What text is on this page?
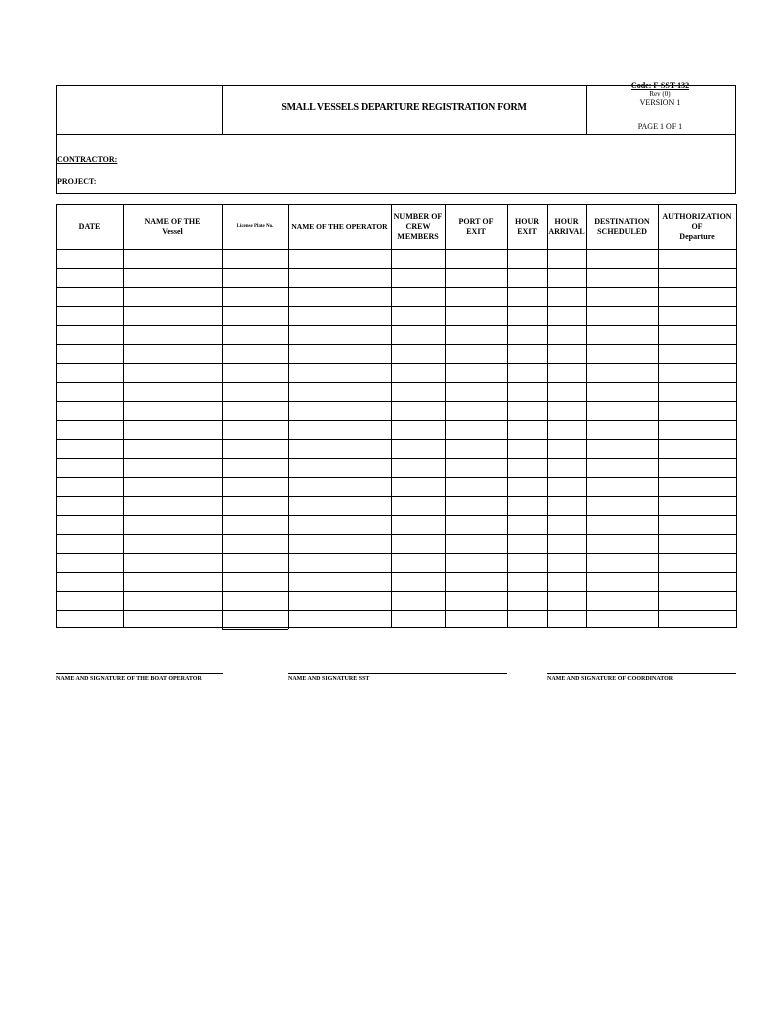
Code: F-SST-132
Rev (0)
VERSION 1
SMALL VESSELS DEPARTURE REGISTRATION FORM
PAGE 1 OF 1
CONTRACTOR:
PROJECT:
DATE
NAME OF THE
Vessel
License Plate No. NAME OF THE OPERATOR
NUMBER OF
CREW MEMBERS
PORT OF
EXIT
HOUR
EXIT
HOUR
ARRIVAL
DESTINATION
SCHEDULED
AUTHORIZATION OF
Departure
NAME AND SIGNATURE OF THE BOAT OPERATOR	NAME AND SIGNATURE SST	NAME AND SIGNATURE OF COORDINATOR
